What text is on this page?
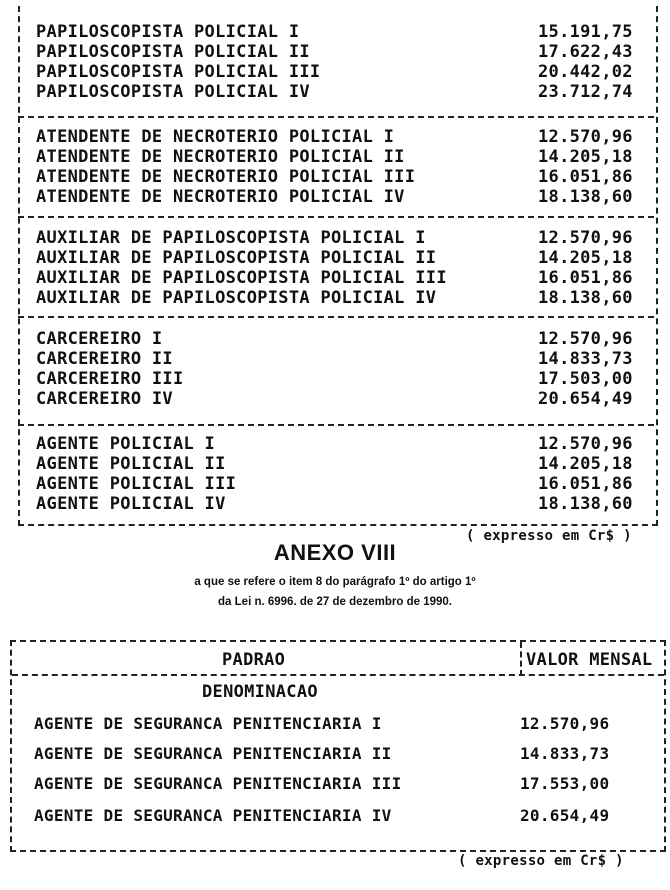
PAPILOSCOPISTA POLICIAL I	15.191,75
PAPILOSCOPISTA POLICIAL II	17.622,43
PAPILOSCOPISTA POLICIAL III	20.442,02
PAPILOSCOPISTA POLICIAL IV	23.712,74
ATENDENTE DE NECROTERIO POLICIAL I	12.570,96
ATENDENTE DE NECROTERIO POLICIAL II	14.205,18
ATENDENTE DE NECROTERIO POLICIAL III	16.051,86
ATENDENTE DE NECROTERIO POLICIAL IV	18.138,60
AUXILIAR DE PAPILOSCOPISTA POLICIAL I	12.570,96
AUXILIAR DE PAPILOSCOPISTA POLICIAL II	14.205,18
AUXILIAR DE PAPILOSCOPISTA POLICIAL III	16.051,86
AUXILIAR DE PAPILOSCOPISTA POLICIAL IV	18.138,60
CARCEREIRO I	12.570,96
CARCEREIRO II	14.833,73
CARCEREIRO III	17.503,00
CARCEREIRO IV	20.654,49
AGENTE POLICIAL I	12.570,96
AGENTE POLICIAL II	14.205,18
AGENTE POLICIAL III	16.051,86
AGENTE POLICIAL IV	18.138,60
( expresso em Cr$ )
ANEXO VIII
a que se refere o item 8 do parágrafo 1º do artigo 1º
da Lei n. 6996. de 27 de dezembro de 1990.
PADRAO	VALOR MENSAL
DENOMINACAO
AGENTE DE SEGURANCA PENITENCIARIA I	12.570,96
AGENTE DE SEGURANCA PENITENCIARIA II	14.833,73
AGENTE DE SEGURANCA PENITENCIARIA III	17.553,00
AGENTE DE SEGURANCA PENITENCIARIA IV	20.654,49
( expresso em Cr$ )
